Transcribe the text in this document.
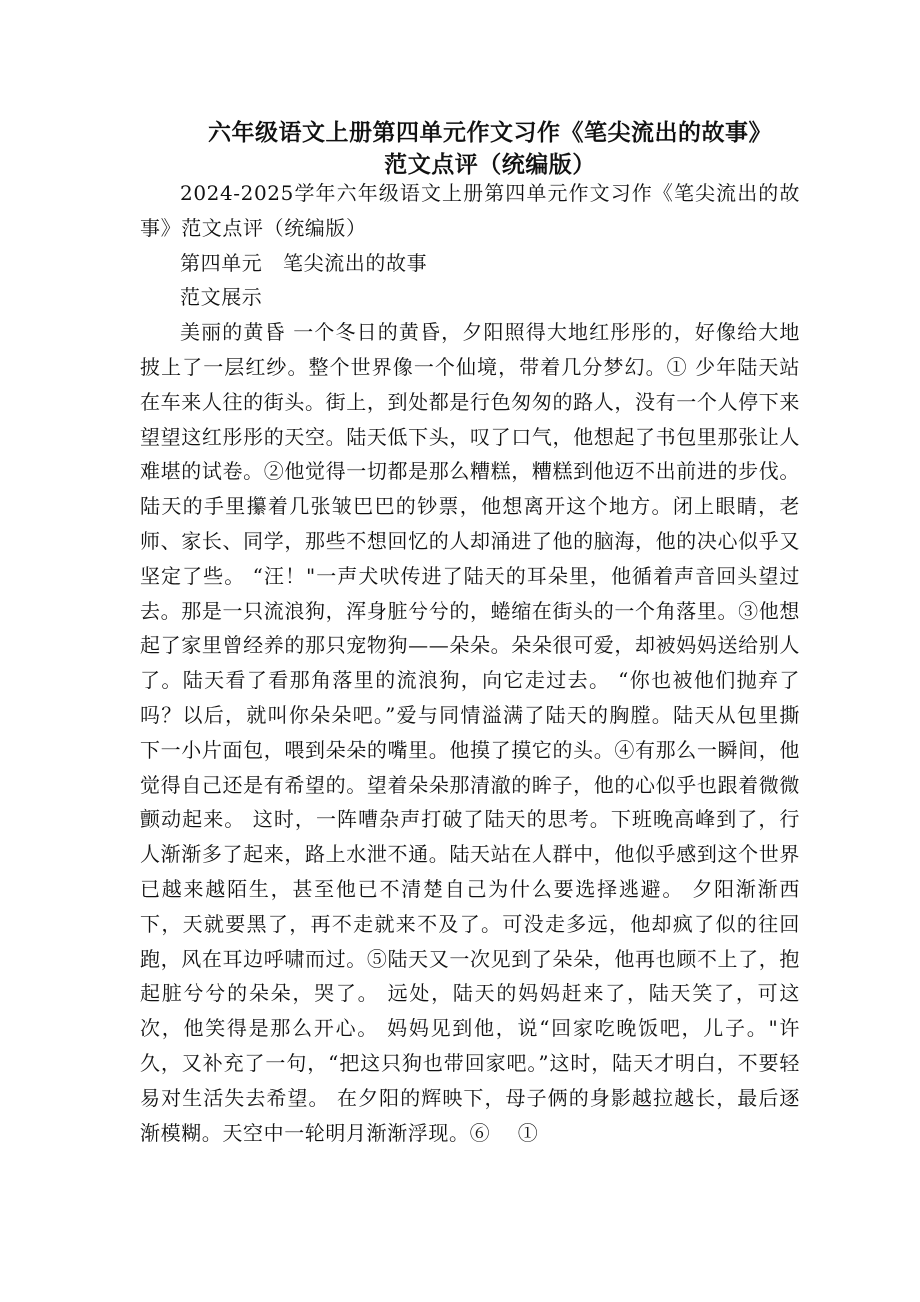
六年级语文上册第四单元作文习作《笔尖流出的故事》
范文点评（统编版）

2024-2025学年六年级语文上册第四单元作文习作《笔尖流出的故事》范文点评（统编版）

第四单元　笔尖流出的故事

范文展示

美丽的黄昏 一个冬日的黄昏，夕阳照得大地红彤彤的，好像给大地披上了一层红纱。整个世界像一个仙境，带着几分梦幻。① 少年陆天站在车来人往的街头。街上，到处都是行色匆匆的路人，没有一个人停下来望望这红彤彤的天空。陆天低下头，叹了口气，他想起了书包里那张让人难堪的试卷。②他觉得一切都是那么糟糕，糟糕到他迈不出前进的步伐。 陆天的手里攥着几张皱巴巴的钞票，他想离开这个地方。闭上眼睛，老师、家长、同学，那些不想回忆的人却涌进了他的脑海，他的决心似乎又坚定了些。 “汪！"一声犬吠传进了陆天的耳朵里，他循着声音回头望过去。那是一只流浪狗，浑身脏兮兮的，蜷缩在街头的一个角落里。③他想起了家里曾经养的那只宠物狗——朵朵。朵朵很可爱，却被妈妈送给别人了。陆天看了看那角落里的流浪狗，向它走过去。 “你也被他们抛弃了吗？以后，就叫你朵朵吧。”爱与同情溢满了陆天的胸膛。陆天从包里撕下一小片面包，喂到朵朵的嘴里。他摸了摸它的头。④有那么一瞬间，他觉得自己还是有希望的。望着朵朵那清澈的眸子，他的心似乎也跟着微微颤动起来。 这时，一阵嘈杂声打破了陆天的思考。下班晚高峰到了，行人渐渐多了起来，路上水泄不通。陆天站在人群中，他似乎感到这个世界已越来越陌生，甚至他已不清楚自己为什么要选择逃避。 夕阳渐渐西下，天就要黑了，再不走就来不及了。可没走多远，他却疯了似的往回跑，风在耳边呼啸而过。⑤陆天又一次见到了朵朵，他再也顾不上了，抱起脏兮兮的朵朵，哭了。 远处，陆天的妈妈赶来了，陆天笑了，可这次，他笑得是那么开心。 妈妈见到他，说“回家吃晚饭吧，儿子。"许久，又补充了一句，“把这只狗也带回家吧。”这时，陆天才明白，不要轻易对生活失去希望。 在夕阳的辉映下，母子俩的身影越拉越长，最后逐渐模糊。天空中一轮明月渐渐浮现。⑥　 ①
